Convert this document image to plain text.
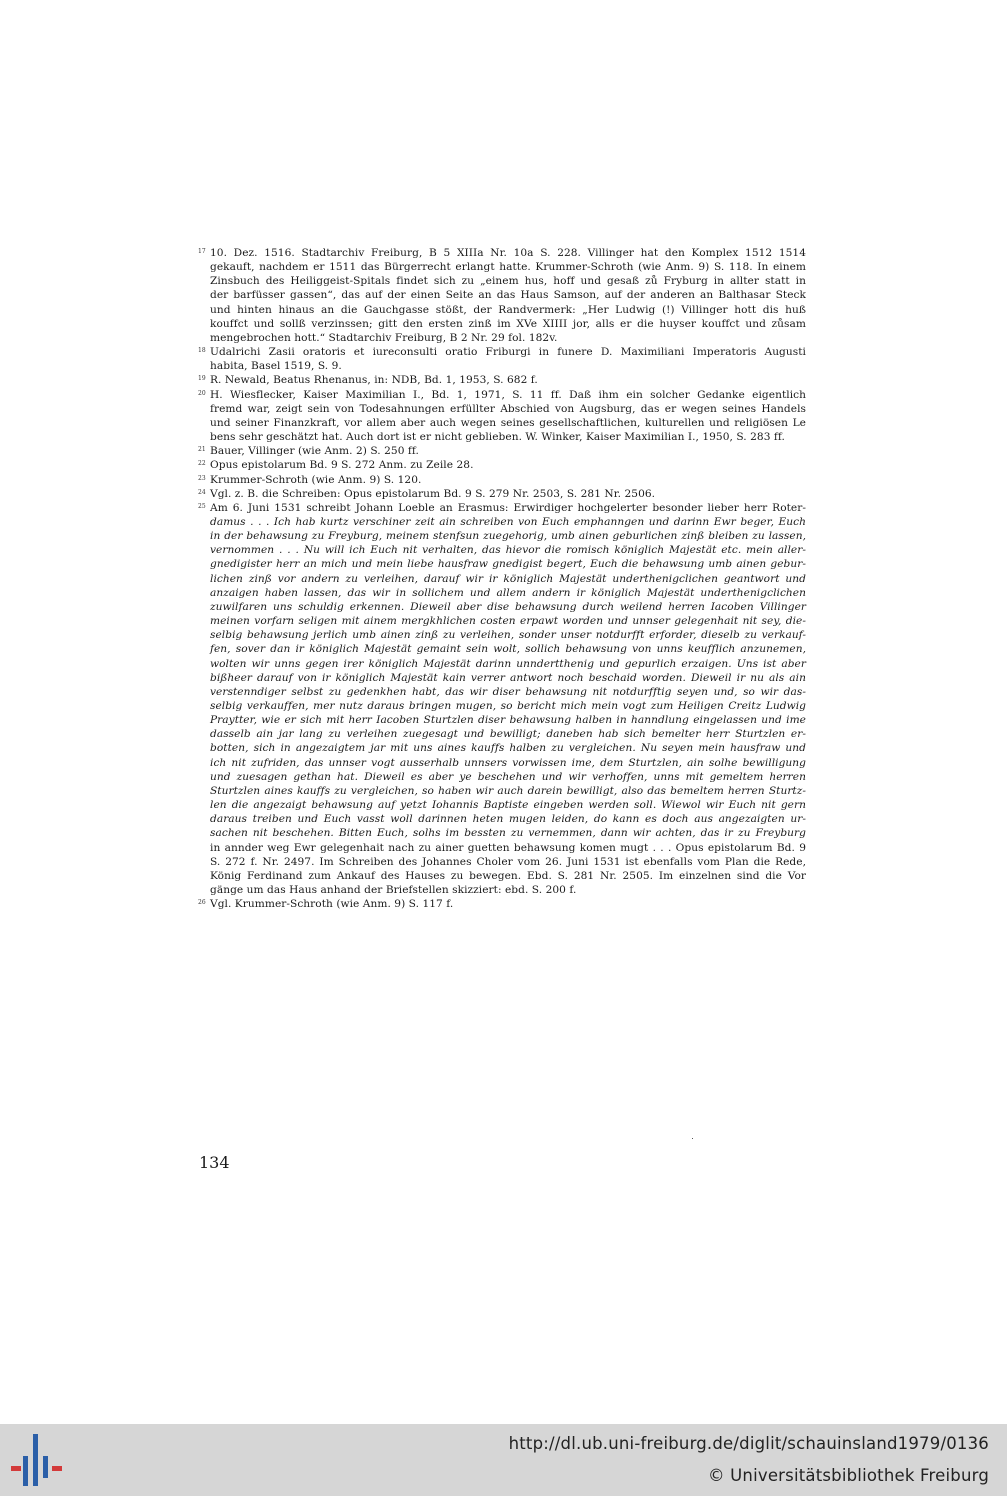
17 10. Dez. 1516. Stadtarchiv Freiburg, B 5 XIIIa Nr. 10a S. 228. Villinger hat den Komplex 1512 1514
gekauft, nachdem er 1511 das Bürgerrecht erlangt hatte. Krummer-Schroth (wie Anm. 9) S. 118. In einem
Zinsbuch des Heiliggeist-Spitals findet sich zu „einem hus, hoff und gesaß zů Fryburg in allter statt in
der barfüsser gassen“, das auf der einen Seite an das Haus Samson, auf der anderen an Balthasar Steck
und hinten hinaus an die Gauchgasse stößt, der Randvermerk: „Her Ludwig (!) Villinger hott dis huß
kouffct und sollß verzinssen; gitt den ersten zinß im XVe XIIII jor, alls er die huyser kouffct und zůsam
mengebrochen hott.“ Stadtarchiv Freiburg, B 2 Nr. 29 fol. 182v.
18 Udalrichi Zasii oratoris et iureconsulti oratio Friburgi in funere D. Maximiliani Imperatoris Augusti
habita, Basel 1519, S. 9.
19 R. Newald, Beatus Rhenanus, in: NDB, Bd. 1, 1953, S. 682 f.
20 H. Wiesflecker, Kaiser Maximilian I., Bd. 1, 1971, S. 11 ff. Daß ihm ein solcher Gedanke eigentlich
fremd war, zeigt sein von Todesahnungen erfüllter Abschied von Augsburg, das er wegen seines Handels
und seiner Finanzkraft, vor allem aber auch wegen seines gesellschaftlichen, kulturellen und religiösen Le
bens sehr geschätzt hat. Auch dort ist er nicht geblieben. W. Winker, Kaiser Maximilian I., 1950, S. 283 ff.
21 Bauer, Villinger (wie Anm. 2) S. 250 ff.
22 Opus epistolarum Bd. 9 S. 272 Anm. zu Zeile 28.
23 Krummer-Schroth (wie Anm. 9) S. 120.
24 Vgl. z. B. die Schreiben: Opus epistolarum Bd. 9 S. 279 Nr. 2503, S. 281 Nr. 2506.
25 Am 6. Juni 1531 schreibt Johann Loeble an Erasmus: Erwirdiger hochgelerter besonder lieber herr Roter-
damus . . . Ich hab kurtz verschiner zeit ain schreiben von Euch emphanngen und darinn Ewr beger, Euch
in der behawsung zu Freyburg, meinem stenfsun zuegehorig, umb ainen geburlichen zinß bleiben zu lassen,
vernommen . . . Nu will ich Euch nit verhalten, das hievor die romisch königlich Majestät etc. mein aller-
gnedigister herr an mich und mein liebe hausfraw gnedigist begert, Euch die behawsung umb ainen gebur-
lichen zinß vor andern zu verleihen, darauf wir ir königlich Majestät underthenigclichen geantwort und
anzaigen haben lassen, das wir in sollichem und allem andern ir königlich Majestät underthenigclichen
zuwilfaren uns schuldig erkennen. Dieweil aber dise behawsung durch weilend herren Iacoben Villinger
meinen vorfarn seligen mit ainem mergkhlichen costen erpawt worden und unnser gelegenhait nit sey, die-
selbig behawsung jerlich umb ainen zinß zu verleihen, sonder unser notdurfft erforder, dieselb zu verkauf-
fen, sover dan ir königlich Majestät gemaint sein wolt, sollich behawsung von unns keufflich anzunemen,
wolten wir unns gegen irer königlich Majestät darinn unndertthenig und gepurlich erzaigen. Uns ist aber
bißheer darauf von ir königlich Majestät kain verrer antwort noch beschaid worden. Dieweil ir nu als ain
verstenndiger selbst zu gedenkhen habt, das wir diser behawsung nit notdurfftig seyen und, so wir das-
selbig verkauffen, mer nutz daraus bringen mugen, so bericht mich mein vogt zum Heiligen Creitz Ludwig
Praytter, wie er sich mit herr Iacoben Sturtzlen diser behawsung halben in hanndlung eingelassen und ime
dasselb ain jar lang zu verleihen zuegesagt und bewilligt; daneben hab sich bemelter herr Sturtzlen er-
botten, sich in angezaigtem jar mit uns aines kauffs halben zu vergleichen. Nu seyen mein hausfraw und
ich nit zufriden, das unnser vogt ausserhalb unnsers vorwissen ime, dem Sturtzlen, ain solhe bewilligung
und zuesagen gethan hat. Dieweil es aber ye beschehen und wir verhoffen, unns mit gemeltem herren
Sturtzlen aines kauffs zu vergleichen, so haben wir auch darein bewilligt, also das bemeltem herren Sturtz-
len die angezaigt behawsung auf yetzt Iohannis Baptiste eingeben werden soll. Wiewol wir Euch nit gern
daraus treiben und Euch vasst woll darinnen heten mugen leiden, do kann es doch aus angezaigten ur-
sachen nit beschehen. Bitten Euch, solhs im bessten zu vernemmen, dann wir achten, das ir zu Freyburg
in annder weg Ewr gelegenhait nach zu ainer guetten behawsung komen mugt . . . Opus epistolarum Bd. 9
S. 272 f. Nr. 2497. Im Schreiben des Johannes Choler vom 26. Juni 1531 ist ebenfalls vom Plan die Rede,
König Ferdinand zum Ankauf des Hauses zu bewegen. Ebd. S. 281 Nr. 2505. Im einzelnen sind die Vor
gänge um das Haus anhand der Briefstellen skizziert: ebd. S. 200 f.
26 Vgl. Krummer-Schroth (wie Anm. 9) S. 117 f.
134
http://dl.ub.uni-freiburg.de/diglit/schauinsland1979/0136
© Universitätsbibliothek Freiburg
